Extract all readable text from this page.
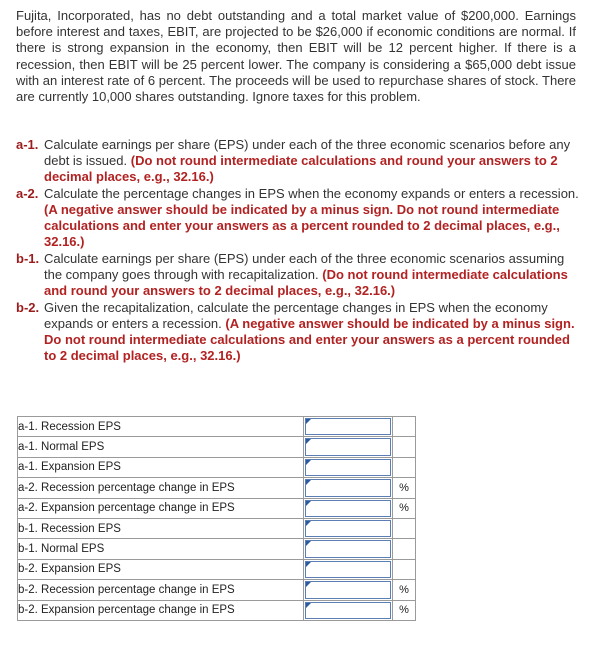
Fujita, Incorporated, has no debt outstanding and a total market value of $200,000. Earnings before interest and taxes, EBIT, are projected to be $26,000 if economic conditions are normal. If there is strong expansion in the economy, then EBIT will be 12 percent higher. If there is a recession, then EBIT will be 25 percent lower. The company is considering a $65,000 debt issue with an interest rate of 6 percent. The proceeds will be used to repurchase shares of stock. There are currently 10,000 shares outstanding. Ignore taxes for this problem.

a-1. Calculate earnings per share (EPS) under each of the three economic scenarios before any debt is issued. (Do not round intermediate calculations and round your answers to 2 decimal places, e.g., 32.16.)
a-2. Calculate the percentage changes in EPS when the economy expands or enters a recession. (A negative answer should be indicated by a minus sign. Do not round intermediate calculations and enter your answers as a percent rounded to 2 decimal places, e.g., 32.16.)
b-1. Calculate earnings per share (EPS) under each of the three economic scenarios assuming the company goes through with recapitalization. (Do not round intermediate calculations and round your answers to 2 decimal places, e.g., 32.16.)
b-2. Given the recapitalization, calculate the percentage changes in EPS when the economy expands or enters a recession. (A negative answer should be indicated by a minus sign. Do not round intermediate calculations and enter your answers as a percent rounded to 2 decimal places, e.g., 32.16.)
a-1. Recession EPS	

a-1. Normal EPS	

a-1. Expansion EPS	

a-2. Recession percentage change in EPS		%
a-2. Expansion percentage change in EPS		%
b-1. Recession EPS	

b-1. Normal EPS	

b-2. Expansion EPS	

b-2. Recession percentage change in EPS		%
b-2. Expansion percentage change in EPS		%
